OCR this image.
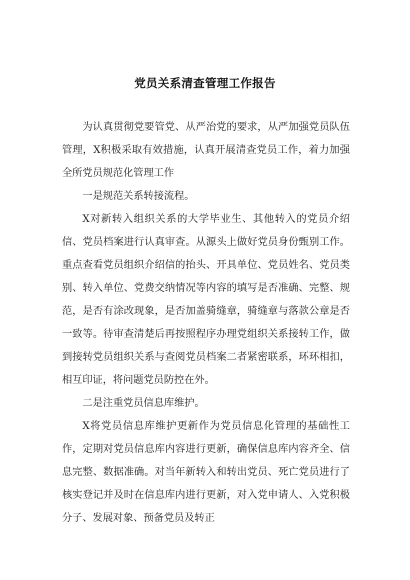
党员关系清查管理工作报告

为认真贯彻党要管党、从严治党的要求，从严加强党员队伍管理，X积极采取有效措施，认真开展清查党员工作，着力加强全所党员规范化管理工作

一是规范关系转接流程。

X对新转入组织关系的大学毕业生、其他转入的党员介绍信、党员档案进行认真审查。从源头上做好党员身份甄别工作。重点查看党员组织介绍信的抬头、开具单位、党员姓名、党员类别、转入单位、党费交纳情况等内容的填写是否准确、完整、规范，是否有涂改现象，是否加盖骑缝章，骑缝章与落款公章是否一致等。待审查清楚后再按照程序办理党组织关系接转工作，做到接转党员组织关系与查阅党员档案二者紧密联系，环环相扣，相互印证，将问题党员防控在外。

二是注重党员信息库维护。

X将党员信息库维护更新作为党员信息化管理的基础性工作，定期对党员信息库内容进行更新，确保信息库内容齐全、信息完整、数据准确。对当年新转入和转出党员、死亡党员进行了核实登记并及时在信息库内进行更新，对入党申请人、入党积极分子、发展对象、预备党员及转正
